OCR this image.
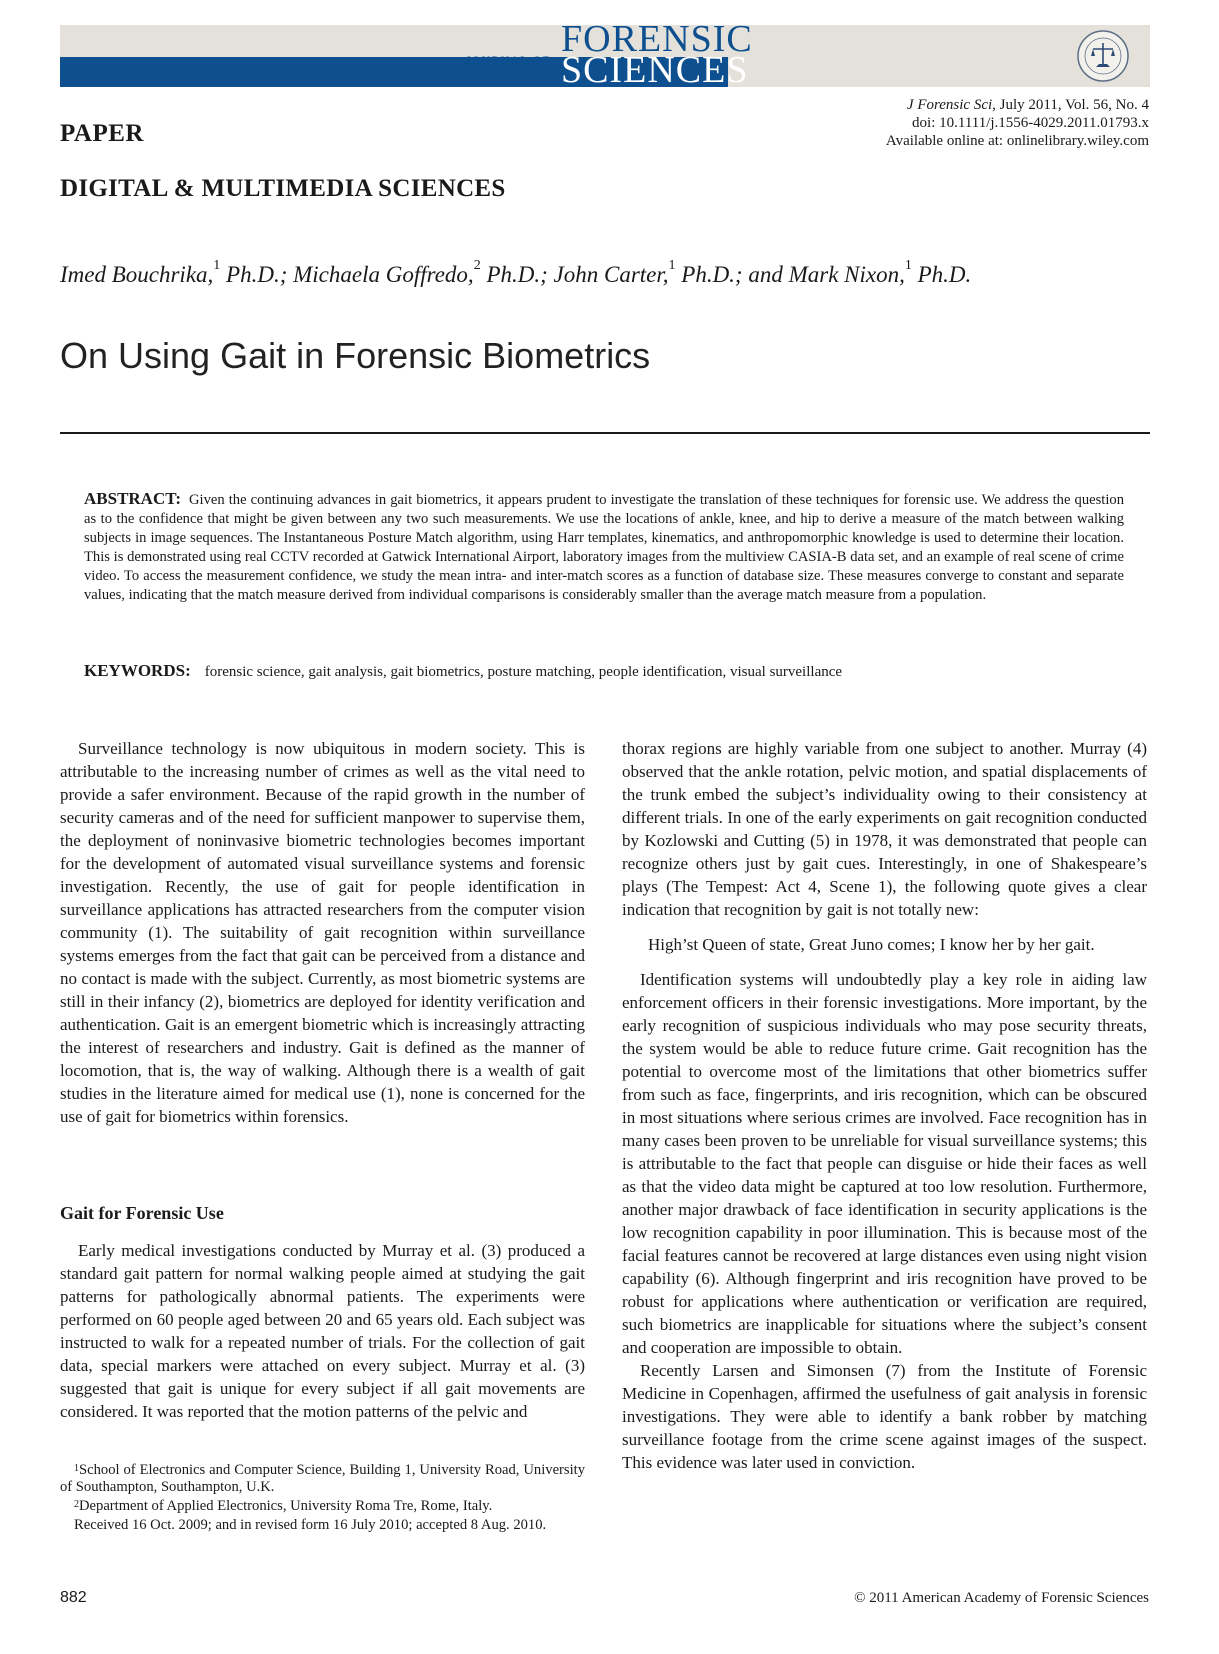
JOURNAL OF
FORENSIC
SCIENCES
J Forensic Sci, July 2011, Vol. 56, No. 4
doi: 10.1111/j.1556-4029.2011.01793.x
Available online at: onlinelibrary.wiley.com
PAPER
DIGITAL & MULTIMEDIA SCIENCES
Imed Bouchrika,$^1$ Ph.D.; Michaela Goffredo,$^2$ Ph.D.; John Carter,$^1$ Ph.D.; and Mark Nixon,$^1$ Ph.D.
On Using Gait in Forensic Biometrics
ABSTRACT: Given the continuing advances in gait biometrics, it appears prudent to investigate the translation of these techniques for forensic use. We address the question as to the confidence that might be given between any two such measurements. We use the locations of ankle, knee, and hip to derive a measure of the match between walking subjects in image sequences. The Instantaneous Posture Match algorithm, using Harr templates, kinematics, and anthropomorphic knowledge is used to determine their location. This is demonstrated using real CCTV recorded at Gatwick International Airport, laboratory images from the multiview CASIA-B data set, and an example of real scene of crime video. To access the measurement confidence, we study the mean intra- and inter-match scores as a function of database size. These measures converge to constant and separate values, indicating that the match measure derived from individual comparisons is considerably smaller than the average match measure from a population.
KEYWORDS: forensic science, gait analysis, gait biometrics, posture matching, people identification, visual surveillance

Surveillance technology is now ubiquitous in modern society. This is attributable to the increasing number of crimes as well as the vital need to provide a safer environment. Because of the rapid growth in the number of security cameras and of the need for sufficient manpower to supervise them, the deployment of noninvasive biometric technologies becomes important for the development of automated visual surveillance systems and forensic investigation. Recently, the use of gait for people identification in surveillance applications has attracted researchers from the computer vision community (1). The suitability of gait recognition within surveillance systems emerges from the fact that gait can be perceived from a distance and no contact is made with the subject. Currently, as most biometric systems are still in their infancy (2), biometrics are deployed for identity verification and authentication. Gait is an emergent biometric which is increasingly attracting the interest of researchers and industry. Gait is defined as the manner of locomotion, that is, the way of walking. Although there is a wealth of gait studies in the literature aimed for medical use (1), none is concerned for the use of gait for biometrics within forensics.

Gait for Forensic Use

Early medical investigations conducted by Murray et al. (3) produced a standard gait pattern for normal walking people aimed at studying the gait patterns for pathologically abnormal patients. The experiments were performed on 60 people aged between 20 and 65 years old. Each subject was instructed to walk for a repeated number of trials. For the collection of gait data, special markers were attached on every subject. Murray et al. (3) suggested that gait is unique for every subject if all gait movements are considered. It was reported that the motion patterns of the pelvic and

$^1$School of Electronics and Computer Science, Building 1, University Road, University of Southampton, Southampton, U.K.

$^2$Department of Applied Electronics, University Roma Tre, Rome, Italy.

Received 16 Oct. 2009; and in revised form 16 July 2010; accepted 8 Aug. 2010.

thorax regions are highly variable from one subject to another. Murray (4) observed that the ankle rotation, pelvic motion, and spatial displacements of the trunk embed the subject’s individuality owing to their consistency at different trials. In one of the early experiments on gait recognition conducted by Kozlowski and Cutting (5) in 1978, it was demonstrated that people can recognize others just by gait cues. Interestingly, in one of Shakespeare’s plays (The Tempest: Act 4, Scene 1), the following quote gives a clear indication that recognition by gait is not totally new:

High’st Queen of state, Great Juno comes; I know her by her gait.

Identification systems will undoubtedly play a key role in aiding law enforcement officers in their forensic investigations. More important, by the early recognition of suspicious individuals who may pose security threats, the system would be able to reduce future crime. Gait recognition has the potential to overcome most of the limitations that other biometrics suffer from such as face, fingerprints, and iris recognition, which can be obscured in most situations where serious crimes are involved. Face recognition has in many cases been proven to be unreliable for visual surveillance systems; this is attributable to the fact that people can disguise or hide their faces as well as that the video data might be captured at too low resolution. Furthermore, another major drawback of face identification in security applications is the low recognition capability in poor illumination. This is because most of the facial features cannot be recovered at large distances even using night vision capability (6). Although fingerprint and iris recognition have proved to be robust for applications where authentication or verification are required, such biometrics are inapplicable for situations where the subject’s consent and cooperation are impossible to obtain.

Recently Larsen and Simonsen (7) from the Institute of Forensic Medicine in Copenhagen, affirmed the usefulness of gait analysis in forensic investigations. They were able to identify a bank robber by matching surveillance footage from the crime scene against images of the suspect. This evidence was later used in conviction.

882	© 2011 American Academy of Forensic Sciences
